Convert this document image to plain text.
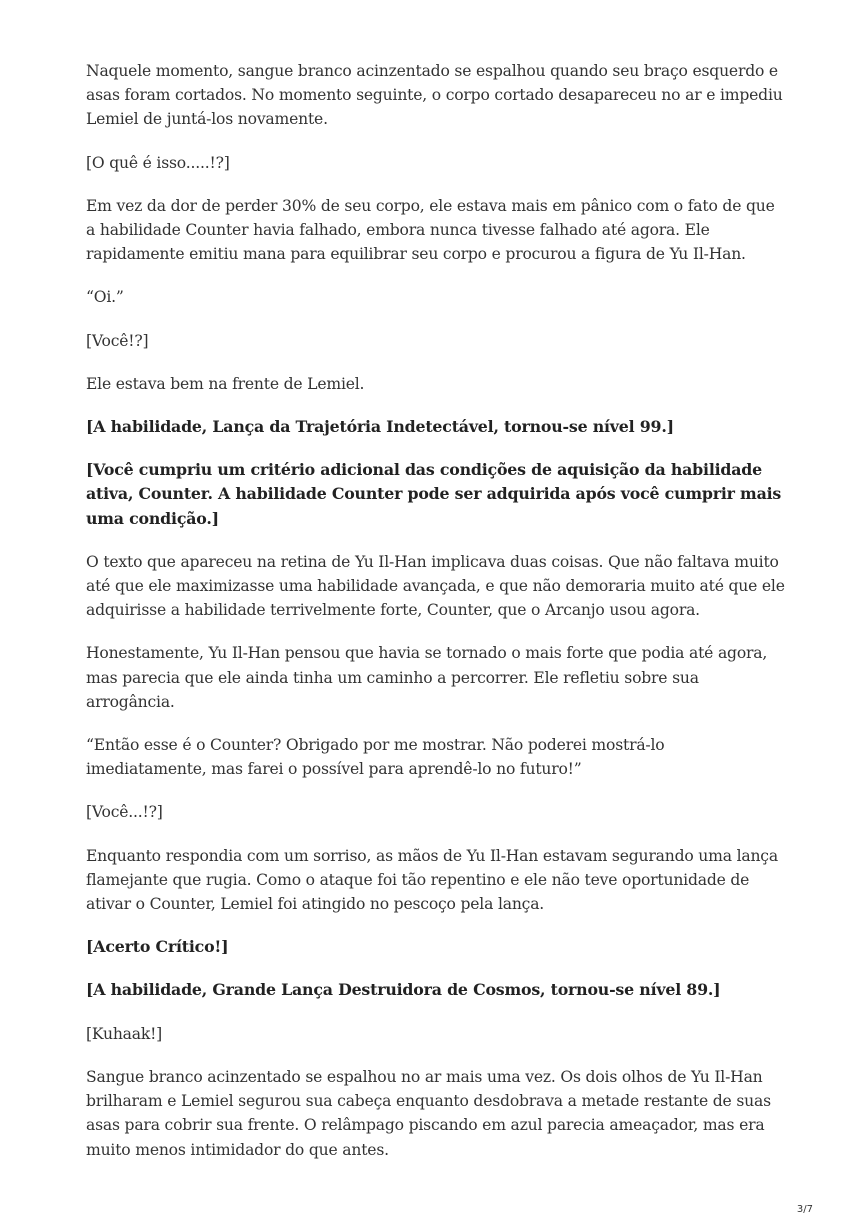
Naquele momento, sangue branco acinzentado se espalhou quando seu braço esquerdo e asas foram cortados. No momento seguinte, o corpo cortado desapareceu no ar e impediu Lemiel de juntá-los novamente.

[O quê é isso.....!?]

Em vez da dor de perder 30% de seu corpo, ele estava mais em pânico com o fato de que a habilidade Counter havia falhado, embora nunca tivesse falhado até agora. Ele rapidamente emitiu mana para equilibrar seu corpo e procurou a figura de Yu Il-Han.

“Oi.”

[Você!?]

Ele estava bem na frente de Lemiel.

[A habilidade, Lança da Trajetória Indetectável, tornou-se nível 99.]

[Você cumpriu um critério adicional das condições de aquisição da habilidade ativa, Counter. A habilidade Counter pode ser adquirida após você cumprir mais uma condição.]

O texto que apareceu na retina de Yu Il-Han implicava duas coisas. Que não faltava muito até que ele maximizasse uma habilidade avançada, e que não demoraria muito até que ele adquirisse a habilidade terrivelmente forte, Counter, que o Arcanjo usou agora.

Honestamente, Yu Il-Han pensou que havia se tornado o mais forte que podia até agora, mas parecia que ele ainda tinha um caminho a percorrer. Ele refletiu sobre sua arrogância.

“Então esse é o Counter? Obrigado por me mostrar. Não poderei mostrá-lo imediatamente, mas farei o possível para aprendê-lo no futuro!”

[Você...!?]

Enquanto respondia com um sorriso, as mãos de Yu Il-Han estavam segurando uma lança flamejante que rugia. Como o ataque foi tão repentino e ele não teve oportunidade de ativar o Counter, Lemiel foi atingido no pescoço pela lança.

[Acerto Crítico!]

[A habilidade, Grande Lança Destruidora de Cosmos, tornou-se nível 89.]

[Kuhaak!]

Sangue branco acinzentado se espalhou no ar mais uma vez. Os dois olhos de Yu Il-Han brilharam e Lemiel segurou sua cabeça enquanto desdobrava a metade restante de suas asas para cobrir sua frente. O relâmpago piscando em azul parecia ameaçador, mas era muito menos intimidador do que antes.

3/7
